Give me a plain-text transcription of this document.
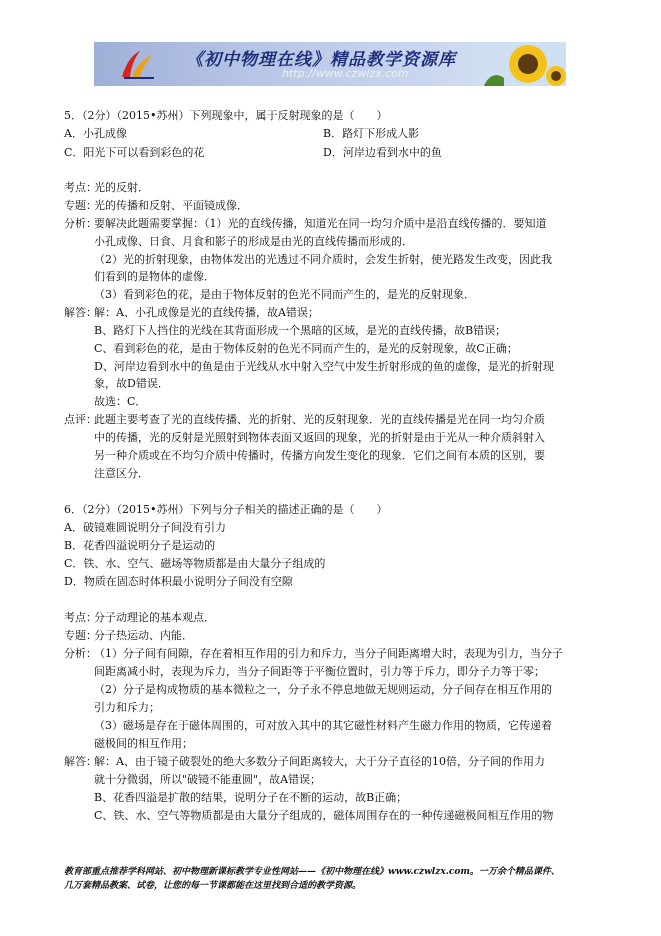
《初中物理在线》精品教学资源库
http://www.czwlzx.com
5．（2分）（2015•苏州）下列现象中，属于反射现象的是（　　）
A．小孔成像	B．路灯下形成人影
C．阳光下可以看到彩色的花	D．河岸边看到水中的鱼
考点：
光的反射．
专题：
光的传播和反射、平面镜成像．
分析：
要解决此题需要掌握：（1）光的直线传播，知道光在同一均匀介质中是沿直线传播的．要知道
小孔成像、日食、月食和影子的形成是由光的直线传播而形成的．
（2）光的折射现象，由物体发出的光透过不同介质时，会发生折射，使光路发生改变，因此我
们看到的是物体的虚像．
（3）看到彩色的花，是由于物体反射的色光不同而产生的，是光的反射现象．
解答：
解：A、小孔成像是光的直线传播，故A错误；
B、路灯下人挡住的光线在其背面形成一个黑暗的区域，是光的直线传播，故B错误；
C、看到彩色的花，是由于物体反射的色光不同而产生的，是光的反射现象，故C正确；
D、河岸边看到水中的鱼是由于光线从水中射入空气中发生折射形成的鱼的虚像，是光的折射现
象，故D错误．
故选：C．
点评：
此题主要考查了光的直线传播、光的折射、光的反射现象．光的直线传播是光在同一均匀介质
中的传播，光的反射是光照射到物体表面又返回的现象，光的折射是由于光从一种介质斜射入
另一种介质或在不均匀介质中传播时，传播方向发生变化的现象．它们之间有本质的区别，要
注意区分．
6．（2分）（2015•苏州）下列与分子相关的描述正确的是（　　）
A．破镜难圆说明分子间没有引力
B．花香四溢说明分子是运动的
C．铁、水、空气、磁场等物质都是由大量分子组成的
D．物质在固态时体积最小说明分子间没有空隙
考点：
分子动理论的基本观点．
专题：
分子热运动、内能．
分析：
（1）分子间有间隙，存在着相互作用的引力和斥力，当分子间距离增大时，表现为引力，当分子
间距离减小时，表现为斥力，当分子间距等于平衡位置时，引力等于斥力，即分子力等于零；
（2）分子是构成物质的基本微粒之一，分子永不停息地做无规则运动，分子间存在相互作用的
引力和斥力；
（3）磁场是存在于磁体周围的，可对放入其中的其它磁性材料产生磁力作用的物质，它传递着
磁极间的相互作用；
解答：
解：A、由于镜子破裂处的绝大多数分子间距离较大，大于分子直径的10倍，分子间的作用力
就十分微弱，所以"破镜不能重圆"，故A错误；
B、花香四溢是扩散的结果，说明分子在不断的运动，故B正确；
C、铁、水、空气等物质都是由大量分子组成的，磁体周围存在的一种传递磁极间相互作用的物
教育部重点推荐学科网站、初中物理新课标教学专业性网站——《初中物理在线》www.czwlzx.com。一万余个精品课件、
几万套精品教案、试卷，让您的每一节课都能在这里找到合适的教学资源。
